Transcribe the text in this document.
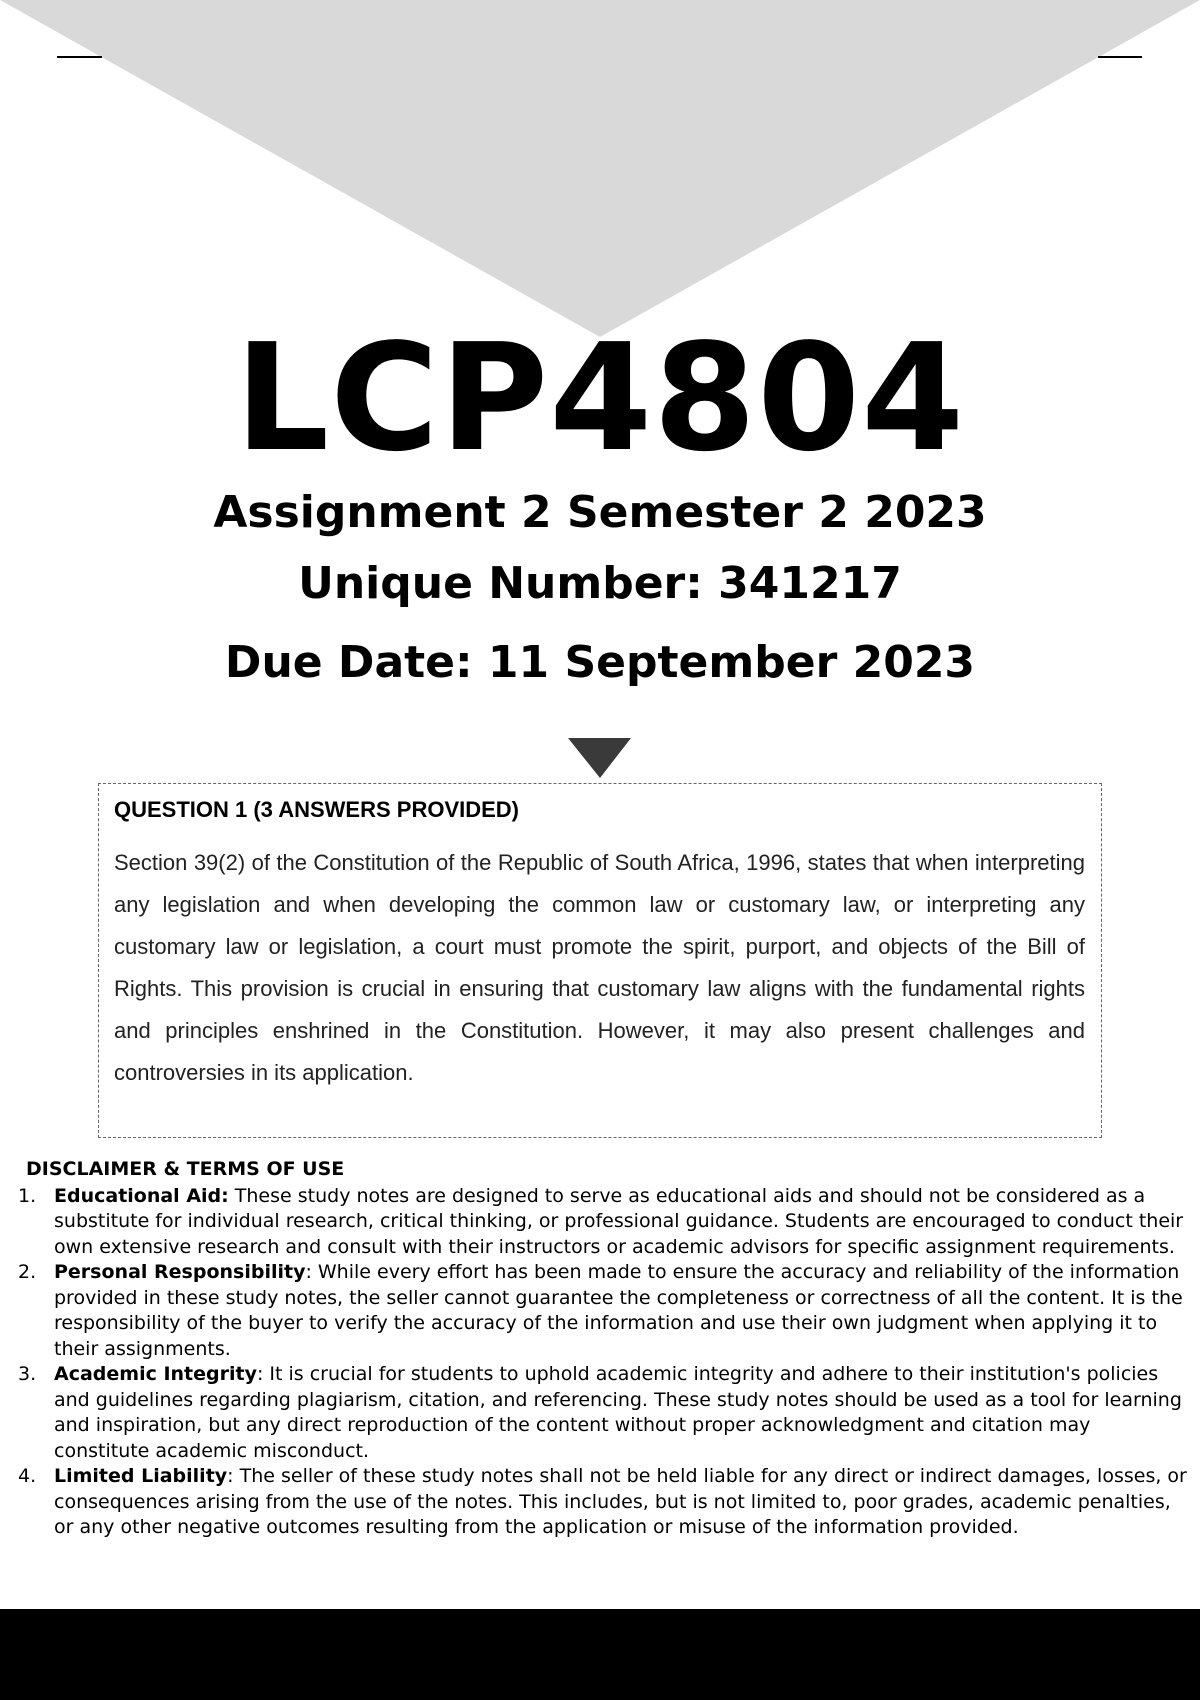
LCP4804
Assignment 2 Semester 2 2023
Unique Number: 341217
Due Date: 11 September 2023
QUESTION 1 (3 ANSWERS PROVIDED)

Section 39(2) of the Constitution of the Republic of South Africa, 1996, states that when interpreting any legislation and when developing the common law or customary law, or interpreting any customary law or legislation, a court must promote the spirit, purport, and objects of the Bill of Rights. This provision is crucial in ensuring that customary law aligns with the fundamental rights and principles enshrined in the Constitution. However, it may also present challenges and controversies in its application.

DISCLAIMER & TERMS OF USE
1. Educational Aid: These study notes are designed to serve as educational aids and should not be considered as a substitute for individual research, critical thinking, or professional guidance. Students are encouraged to conduct their own extensive research and consult with their instructors or academic advisors for specific assignment requirements.
2. Personal Responsibility: While every effort has been made to ensure the accuracy and reliability of the information provided in these study notes, the seller cannot guarantee the completeness or correctness of all the content. It is the responsibility of the buyer to verify the accuracy of the information and use their own judgment when applying it to their assignments.
3. Academic Integrity: It is crucial for students to uphold academic integrity and adhere to their institution's policies and guidelines regarding plagiarism, citation, and referencing. These study notes should be used as a tool for learning and inspiration, but any direct reproduction of the content without proper acknowledgment and citation may constitute academic misconduct.
4. Limited Liability: The seller of these study notes shall not be held liable for any direct or indirect damages, losses, or consequences arising from the use of the notes. This includes, but is not limited to, poor grades, academic penalties, or any other negative outcomes resulting from the application or misuse of the information provided.
